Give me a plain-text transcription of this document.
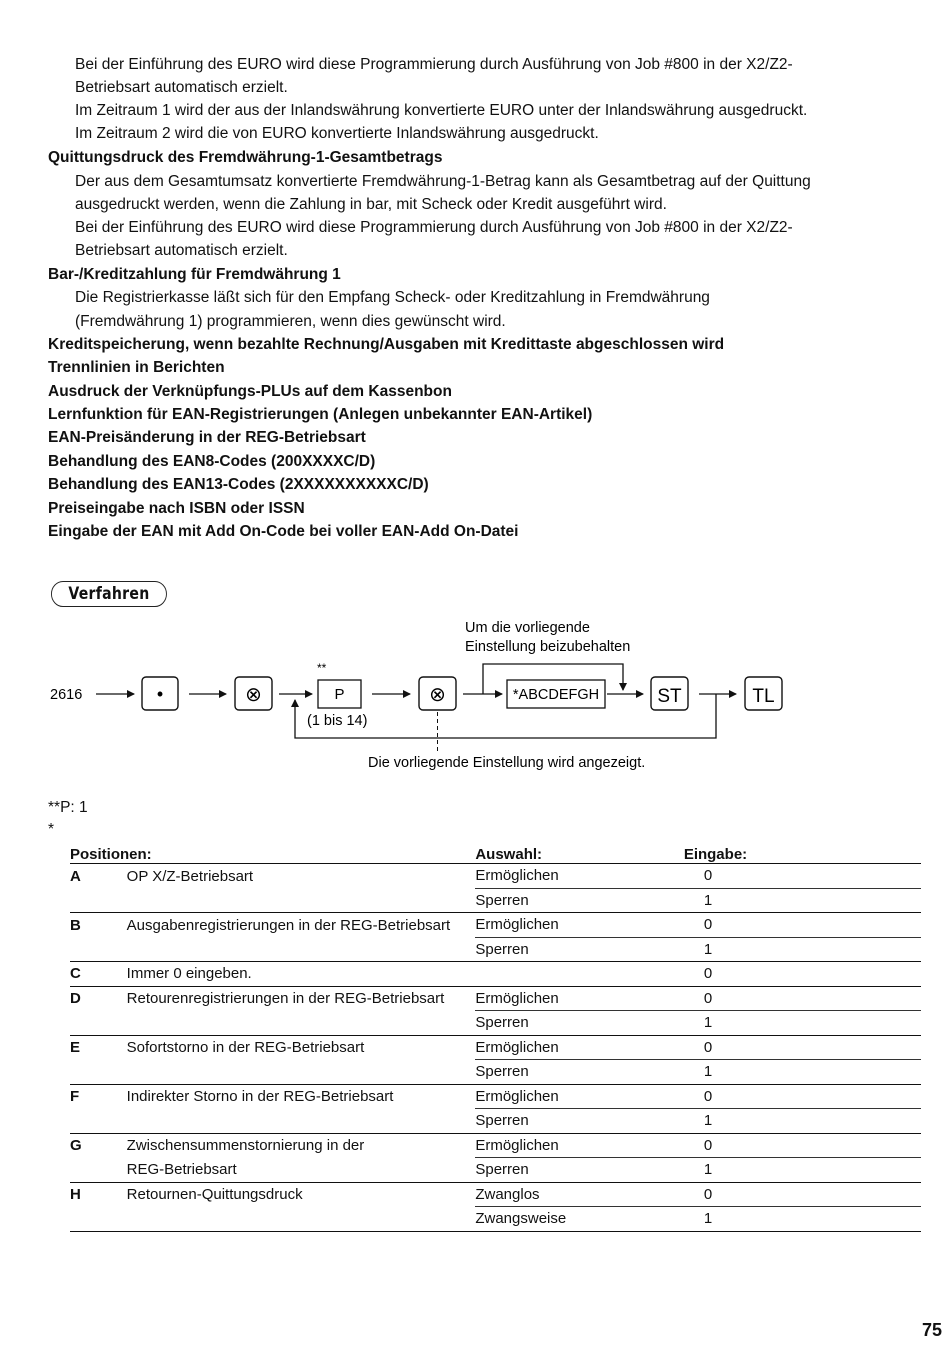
Bei der Einführung des EURO wird diese Programmierung durch Ausführung von Job #800 in der X2/Z2-
Betriebsart automatisch erzielt.
Im Zeitraum 1 wird der aus der Inlandswährung konvertierte EURO unter der Inlandswährung ausgedruckt.
Im Zeitraum 2 wird die von EURO konvertierte Inlandswährung ausgedruckt.
Quittungsdruck des Fremdwährung-1-Gesamtbetrags
Der aus dem Gesamtumsatz konvertierte Fremdwährung-1-Betrag kann als Gesamtbetrag auf der Quittung
ausgedruckt werden, wenn die Zahlung in bar, mit Scheck oder Kredit ausgeführt wird.
Bei der Einführung des EURO wird diese Programmierung durch Ausführung von Job #800 in der X2/Z2-
Betriebsart automatisch erzielt.
Bar-/Kreditzahlung für Fremdwährung 1
Die Registrierkasse läßt sich für den Empfang Scheck- oder Kreditzahlung in Fremdwährung
(Fremdwährung 1) programmieren, wenn dies gewünscht wird.
Kreditspeicherung, wenn bezahlte Rechnung/Ausgaben mit Kredittaste abgeschlossen wird
Trennlinien in Berichten
Ausdruck der Verknüpfungs-PLUs auf dem Kassenbon
Lernfunktion für EAN-Registrierungen (Anlegen unbekannter EAN-Artikel)
EAN-Preisänderung in der REG-Betriebsart
Behandlung des EAN8-Codes (200XXXXC/D)
Behandlung des EAN13-Codes (2XXXXXXXXXXC/D)
Preiseingabe nach ISBN oder ISSN
Eingabe der EAN mit Add On-Code bei voller EAN-Add On-Datei
Verfahren
2616	•	⊗
**
P
(1 bis 14)
⊗
Um die vorliegende
Einstellung beizubehalten
*ABCDEFGH	ST	TL
Die vorliegende Einstellung wird angezeigt.
**P: 1
*
Positionen:		Auswahl:	Eingabe:
A	OP X/Z-Betriebsart	Ermöglichen	0
		Sperren	1
B	Ausgabenregistrierungen in der REG-Betriebsart	Ermöglichen	0
		Sperren	1
C	Immer 0 eingeben.		0
D	Retourenregistrierungen in der REG-Betriebsart	Ermöglichen	0
		Sperren	1
E	Sofortstorno in der REG-Betriebsart	Ermöglichen	0
		Sperren	1
F	Indirekter Storno in der REG-Betriebsart	Ermöglichen	0
		Sperren	1
G	Zwischensummenstornierung in der	Ermöglichen	0
	REG-Betriebsart	Sperren	1
H	Retournen-Quittungsdruck	Zwanglos	0
		Zwangsweise	1
75
